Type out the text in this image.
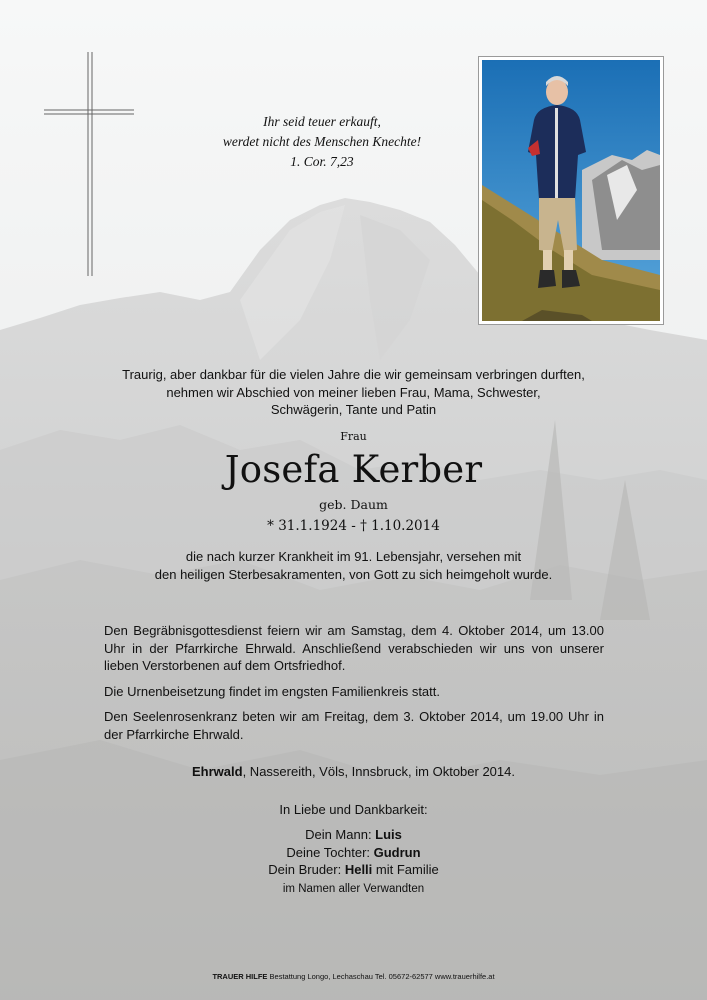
Ihr seid teuer erkauft,
werdet nicht des Menschen Knechte!
1. Cor. 7,23
Traurig, aber dankbar für die vielen Jahre die wir gemeinsam verbringen durften,
nehmen wir Abschied von meiner lieben Frau, Mama, Schwester,
Schwägerin, Tante und Patin
Frau
Josefa Kerber
geb. Daum
* 31.1.1924 - † 1.10.2014
die nach kurzer Krankheit im 91. Lebensjahr, versehen mit
den heiligen Sterbesakramenten, von Gott zu sich heimgeholt wurde.

Den Begräbnisgottesdienst feiern wir am Samstag, dem 4. Oktober 2014, um 13.00 Uhr in der Pfarrkirche Ehrwald. Anschließend verabschieden wir uns von unserer lieben Verstorbenen auf dem Ortsfriedhof.

Die Urnenbeisetzung findet im engsten Familienkreis statt.

Den Seelenrosenkranz beten wir am Freitag, dem 3. Oktober 2014, um 19.00 Uhr in der Pfarrkirche Ehrwald.

Ehrwald, Nassereith, Völs, Innsbruck, im Oktober 2014.
In Liebe und Dankbarkeit:
Dein Mann: Luis
Deine Tochter: Gudrun
Dein Bruder: Helli mit Familie
im Namen aller Verwandten
TRAUER HILFE Bestattung Longo, Lechaschau Tel. 05672-62577 www.trauerhilfe.at
